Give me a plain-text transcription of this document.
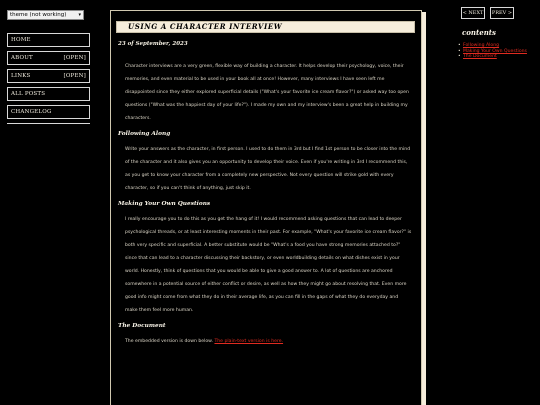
theme (not working) ▾
HOME
ABOUT	[OPEN]
LINKS	[OPEN]
ALL POSTS
CHANGELOG
USING A CHARACTER INTERVIEW
23 of September, 2023

Character interviews are a very green, flexible way of building a character. It helps develop their psychology, voice, their memories, and even material to be used in your book all at once! However, many interviews I have seen left me disappointed since they either explored superficial details ("What's your favorite ice cream flavor?") or asked way too open questions ("What was the happiest day of your life?"). I made my own and my interview's been a great help in building my characters.

Following Along

Write your answers as the character, in first person. I used to do them in 3rd but I find 1st person to be closer into the mind of the character and it also gives you an opportunity to develop their voice. Even if you're writing in 3rd I recommend this, as you get to know your character from a completely new perspective. Not every question will strike gold with every character, so if you can't think of anything, just skip it.

Making Your Own Questions

I really encourage you to do this as you get the hang of it! I would recommend asking questions that can lead to deeper psychological threads, or at least interesting moments in their past. For example, "What's your favorite ice cream flavor?" is both very specific and superficial. A better substitute would be "What's a food you have strong memories attached to?" since that can lead to a character discussing their backstory, or even worldbuilding details on what dishes exist in your world. Honestly, think of questions that you would be able to give a good answer to. A lot of questions are anchored somewhere in a potential source of either conflict or desire, as well as how they might go about resolving that. Even more good info might come from what they do in their average life, as you can fill in the gaps of what they do everyday and make them feel more human.

The Document

The embedded version is down below. The plain-text version is here.

< NEXT	PREV >
contents
• Following Along
• Making Your Own Questions
• The Document
